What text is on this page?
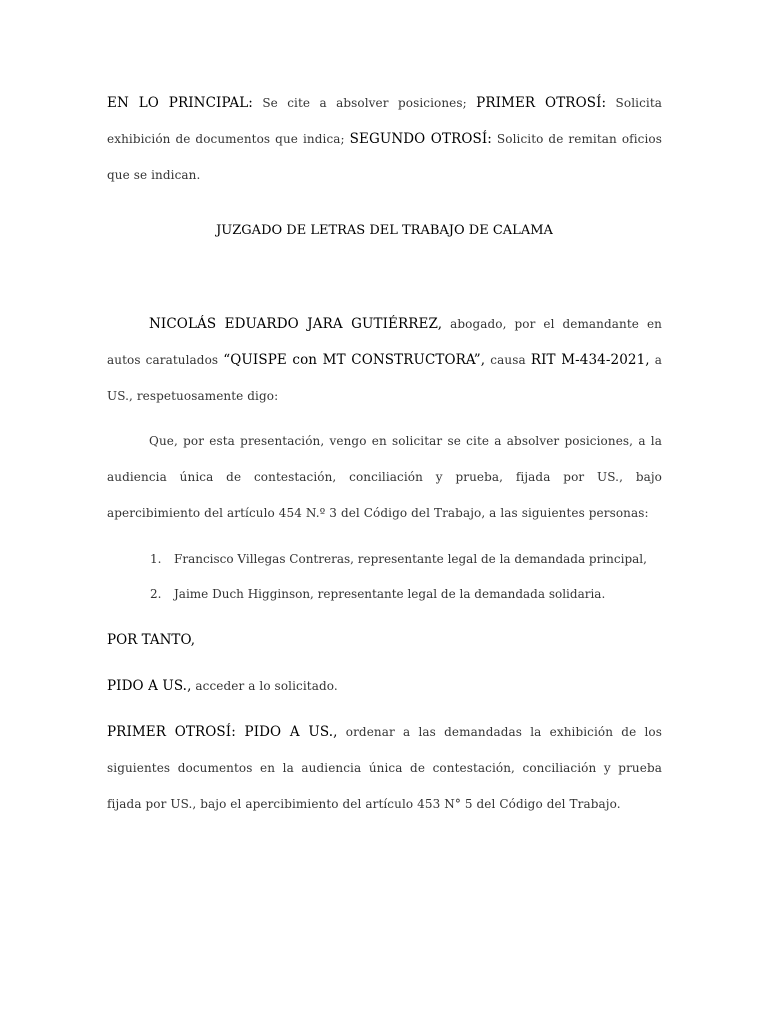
EN LO PRINCIPAL: Se cite a absolver posiciones; PRIMER OTROSÍ: Solicita exhibición de documentos que indica; SEGUNDO OTROSÍ: Solicito de remitan oficios que se indican.

JUZGADO DE LETRAS DEL TRABAJO DE CALAMA

NICOLÁS EDUARDO JARA GUTIÉRREZ, abogado, por el demandante en autos caratulados “QUISPE con MT CONSTRUCTORA”, causa RIT M-434-2021, a US., respetuosamente digo:

Que, por esta presentación, vengo en solicitar se cite a absolver posiciones, a la audiencia única de contestación, conciliación y prueba, fijada por US., bajo apercibimiento del artículo 454 N.º 3 del Código del Trabajo, a las siguientes personas:

1. Francisco Villegas Contreras, representante legal de la demandada principal,
2. Jaime Duch Higginson, representante legal de la demandada solidaria.

POR TANTO,

PIDO A US., acceder a lo solicitado.

PRIMER OTROSÍ: PIDO A US., ordenar a las demandadas la exhibición de los siguientes documentos en la audiencia única de contestación, conciliación y prueba fijada por US., bajo el apercibimiento del artículo 453 N° 5 del Código del Trabajo.
